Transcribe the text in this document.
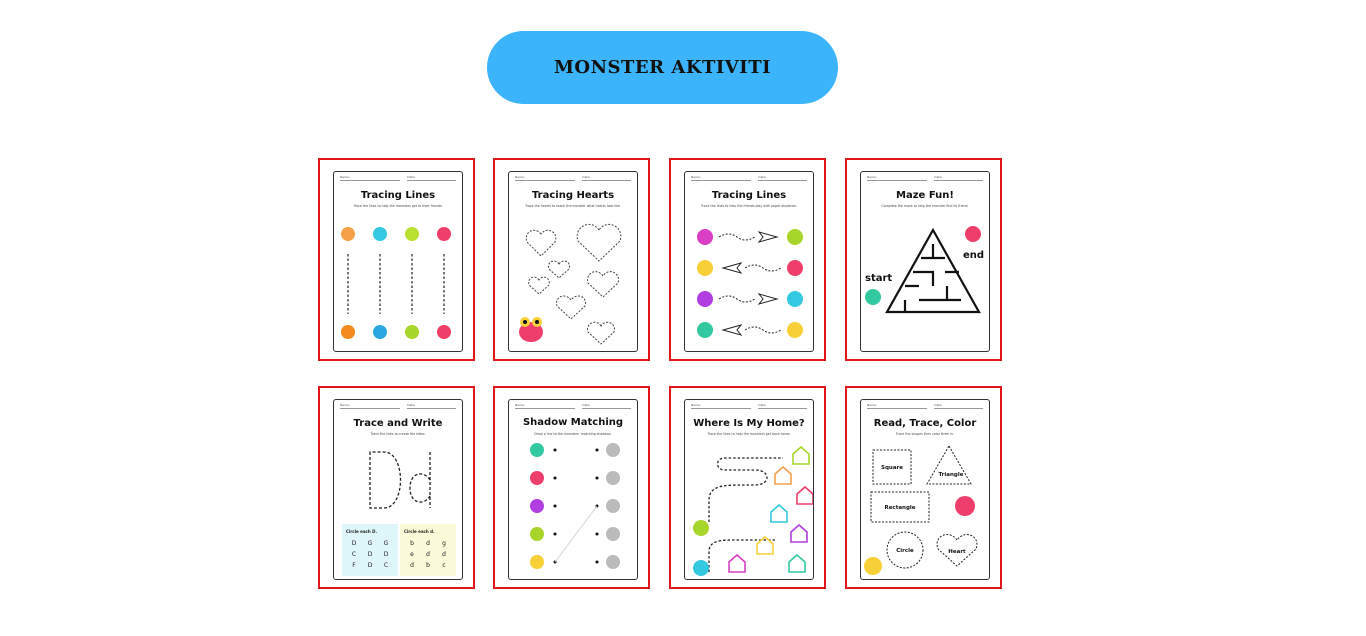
MONSTER AKTIVITI
Name:	Date:
Tracing Lines
Trace the lines to help the monsters get to their friends.
Name:	Date:
Tracing Hearts
Trace the hearts to teach the monster what hearts look like.
Name:	Date:
Tracing Lines
Trace the lines to help the friends play with paper airplanes.
Name:	Date:
Maze Fun!
Complete the maze to help the monster find its friend.
start
end
Name:	Date:
Trace and Write
Trace the lines to create the letter.
Circle each D.
D	G	G
C	D	D
F	D	C
Circle each d.
b	d	g
e	d	d
d	b	c
Name:	Date:
Shadow Matching
Draw a line to the monsters' matching shadows.
Name:	Date:
Where Is My Home?
Trace the lines to help the monsters get back home.
Name:	Date:
Read, Trace, Color
Trace the shapes then color them in.
Square
Triangle
Rectangle
Circle	Heart
